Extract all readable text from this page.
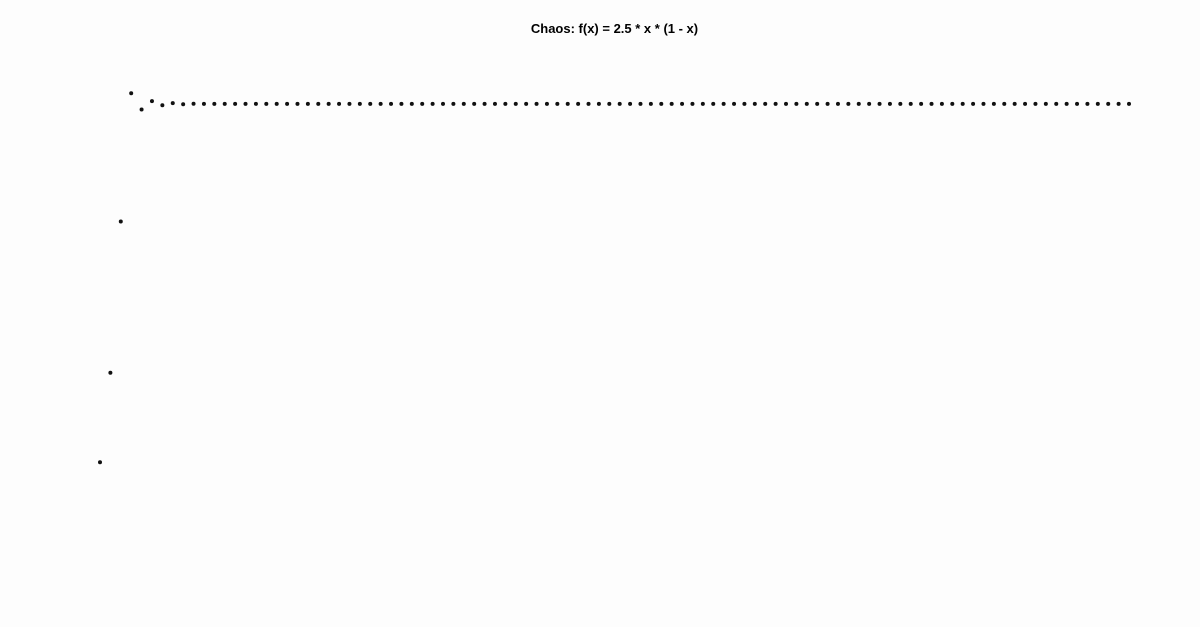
Chaos: f(x) = 2.5 * x * (1 - x)
